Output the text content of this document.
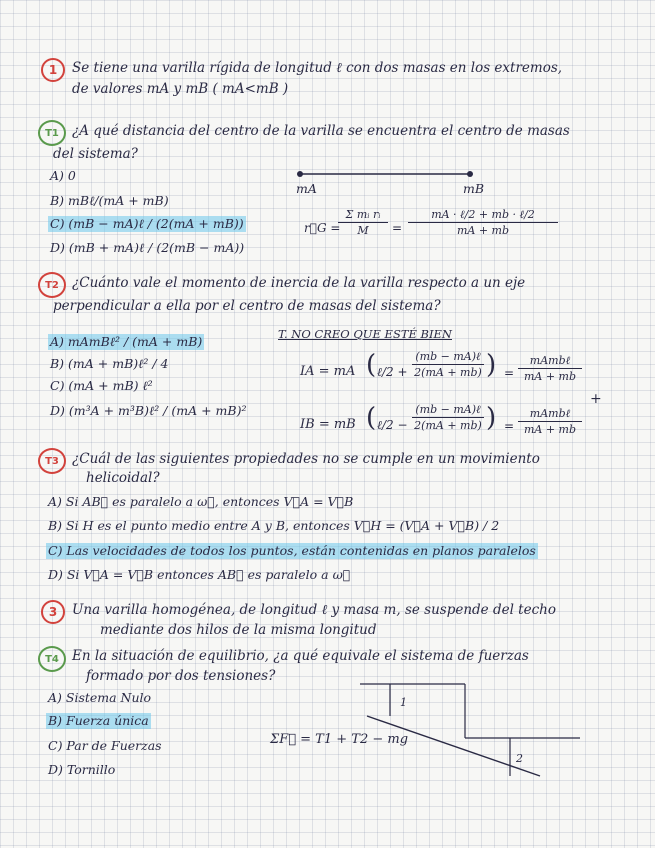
1 Se tiene una varilla rígida de longitud ℓ con dos masas en los extremos,
de valores mA y mB ( mA<mB )
T1 ¿A qué distancia del centro de la varilla se encuentra el centro de masas
del sistema?
A) 0
B) mBℓ/(mA + mB)
C) (mB − mA)ℓ / (2(mA + mB))
D) (mB + mA)ℓ / (2(mB − mA))
mA	mB
r⃗G =
$\frac{\text{Σ mᵢ rᵢ}}{M}$ =
mA · ℓ/2 + mb · ℓ/2
mA + mb
T2 ¿Cuánto vale el momento de inercia de la varilla respecto a un eje
perpendicular a ella por el centro de masas del sistema?
A) mAmBℓ² / (mA + mB)
B) (mA + mB)ℓ² / 4
C) (mA + mB) ℓ²
D) (m³A + m³B)ℓ² / (mA + mB)²
T. NO CREO QUE ESTÉ BIEN
IA = mA ( ℓ/2 +
(mb − mA)ℓ
2(mA + mb) ) =
mAmbℓ
mA + mb
+
IB = mB ( ℓ/2 −
(mb − mA)ℓ
2(mA + mb) ) =
mAmbℓ
mA + mb
T3 ¿Cuál de las siguientes propiedades no se cumple en un movimiento
helicoidal?
A) Si AB⃗ es paralelo a ω⃗, entonces V⃗A = V⃗B
B) Si H es el punto medio entre A y B, entonces V⃗H = (V⃗A + V⃗B) / 2
C) Las velocidades de todos los puntos, están contenidas en planos paralelos
D) Si V⃗A = V⃗B entonces AB⃗ es paralelo a ω⃗
3 Una varilla homogénea, de longitud ℓ y masa m, se suspende del techo
mediante dos hilos de la misma longitud
T4 En la situación de equilibrio, ¿a qué equivale el sistema de fuerzas
formado por dos tensiones?
A) Sistema Nulo
B) Fuerza única
C) Par de Fuerzas
D) Tornillo
ΣF⃗ = T1 + T2 − mg
1
2
